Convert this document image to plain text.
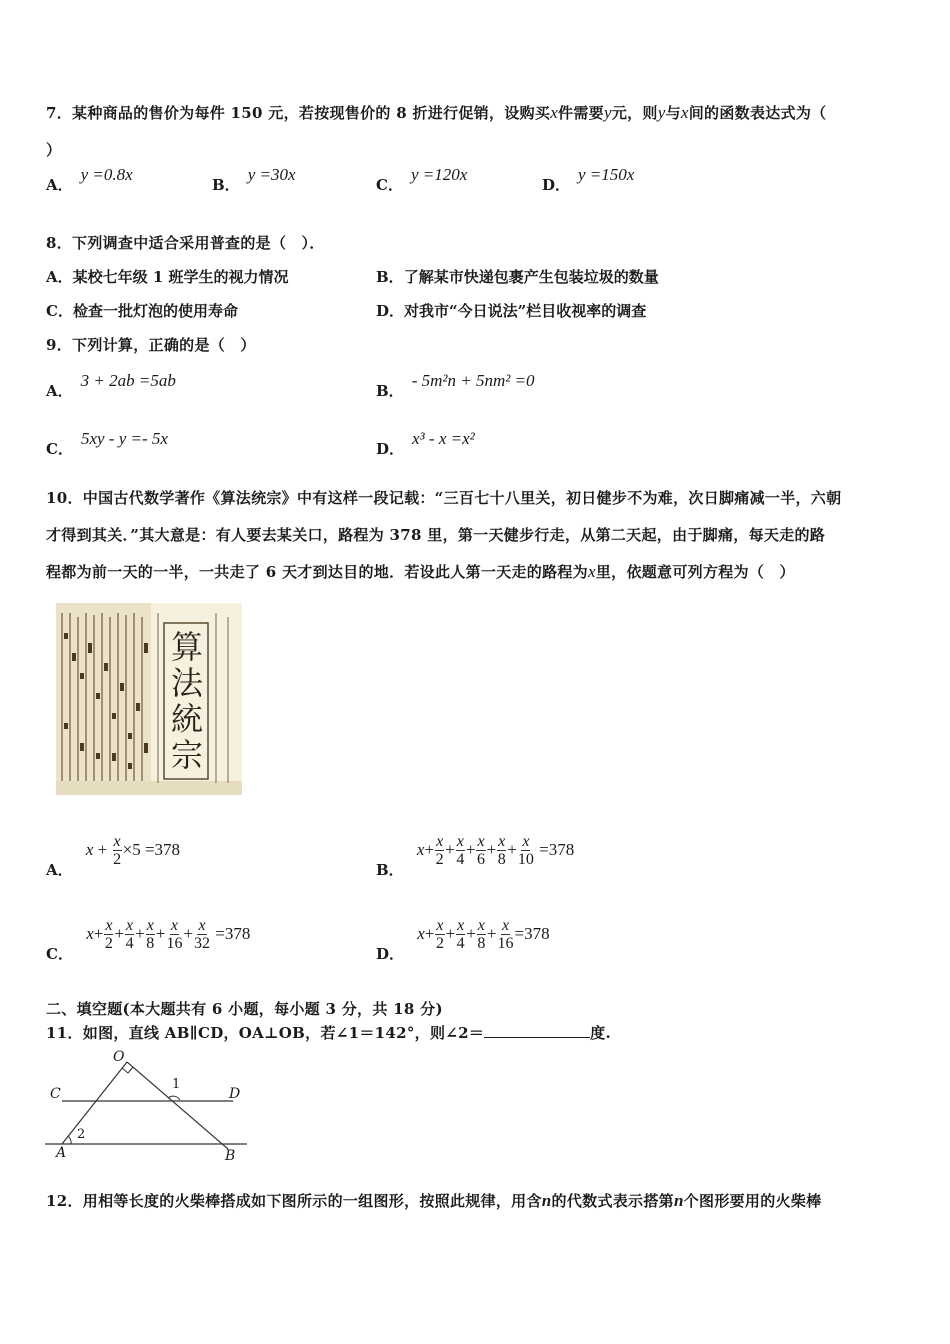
7．某种商品的售价为每件 150 元，若按现售价的 8 折进行促销，设购买x件需要y元，则y与x间的函数表达式为（
）
A．y =0.8x
B．y =30x
C．y =120x
D．y =150x
8．下列调查中适合采用普查的是（　）．
A．某校七年级 1 班学生的视力情况	B．了解某市快递包裹产生包装垃圾的数量
C．检查一批灯泡的使用寿命	D．对我市“今日说法”栏目收视率的调查
9．下列计算，正确的是（　）
A．3 + 2ab =5ab
B．- 5m²n + 5nm² =0
C．5xy - y =- 5x
D．x³ - x =x²
10．中国古代数学著作《算法统宗》中有这样一段记载：“三百七十八里关，初日健步不为难，次日脚痛减一半，六朝
才得到其关．”其大意是：有人要去某关口，路程为 378 里，第一天健步行走，从第二天起，由于脚痛，每天走的路
程都为前一天的一半，一共走了 6 天才到达目的地．若设此人第一天走的路程为x里，依题意可列方程为（　）
算法統宗
A． $x + \frac{x}{2} \times 5 =378$
B． $x+ \frac{x}{2} + \frac{x}{4} + \frac{x}{6} + \frac{x}{8} + \frac{x}{10} =378$
C． $x+ \frac{x}{2} + \frac{x}{4} + \frac{x}{8} + \frac{x}{16} + \frac{x}{32} =378$
D． $x+ \frac{x}{2} + \frac{x}{4} + \frac{x}{8} + \frac{x}{16} =378$
二、填空题(本大题共有 6 小题，每小题 3 分，共 18 分)
11．如图，直线 AB∥CD，OA⊥OB，若∠1＝142°，则∠2＝	度.
O
C	D
A	B
1
2
12．用相等长度的火柴棒搭成如下图所示的一组图形，按照此规律，用含n的代数式表示搭第n个图形要用的火柴棒
